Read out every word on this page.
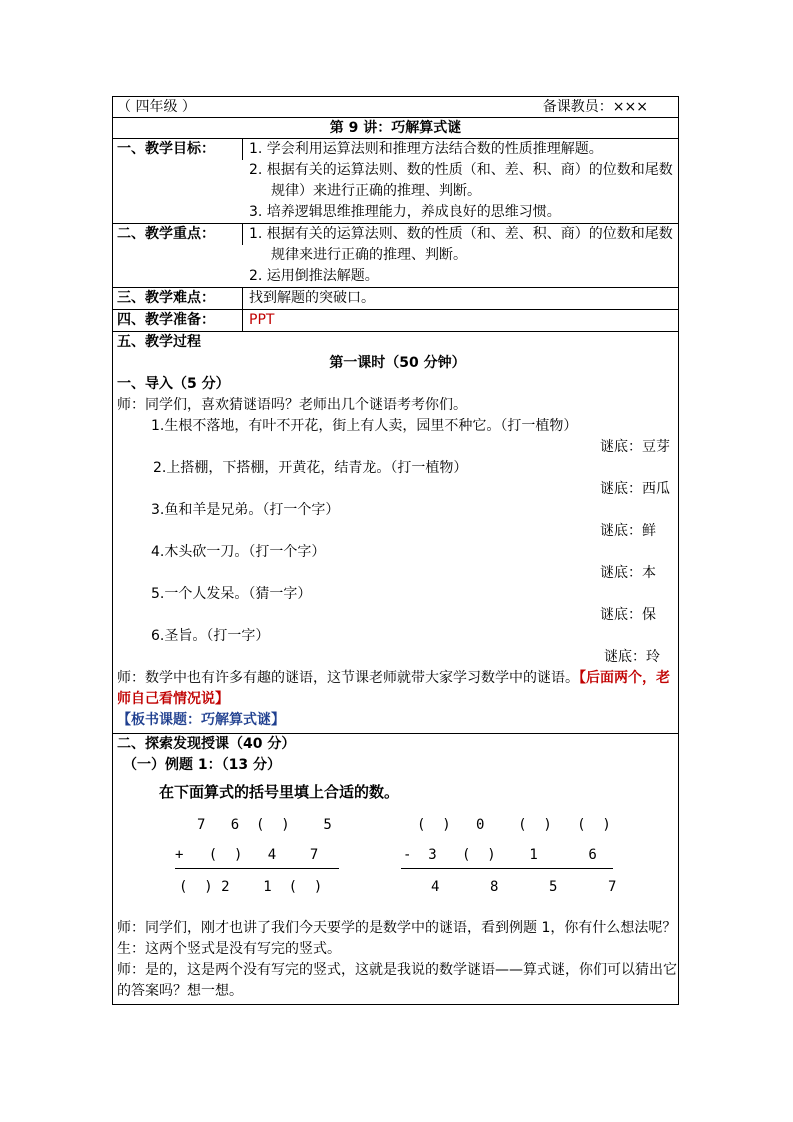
（ 四年级 ）	备课教员：×××
第 9 讲：巧解算式谜
一、教学目标：	1. 学会利用运算法则和推理方法结合数的性质推理解题。
2. 根据有关的运算法则、数的性质（和、差、积、商）的位数和尾数规律）来进行正确的推理、判断。
3. 培养逻辑思维推理能力，养成良好的思维习惯。
二、教学重点：	1. 根据有关的运算法则、数的性质（和、差、积、商）的位数和尾数规律来进行正确的推理、判断。
2. 运用倒推法解题。
三、教学难点：	找到解题的突破口。
四、教学准备：	PPT
五、教学过程
第一课时（50 分钟）
一、导入（5 分）
师：同学们，喜欢猜谜语吗？老师出几个谜语考考你们。
1.生根不落地，有叶不开花，街上有人卖，园里不种它。（打一植物）
谜底：豆芽
2.上搭棚，下搭棚，开黄花，结青龙。（打一植物）
谜底：西瓜
3.鱼和羊是兄弟。（打一个字）
谜底：鲜
4.木头砍一刀。（打一个字）
谜底：本
5.一个人发呆。（猜一字）
谜底：保
6.圣旨。（打一字）
谜底：玲
师：数学中也有许多有趣的谜语，这节课老师就带大家学习数学中的谜语。【后面两个，老师自己看情况说】
【板书课题：巧解算式谜】
二、探索发现授课（40 分）
（一）例题 1：（13 分）
在下面算式的括号里填上合适的数。
7   6  (  )    5
+   (  )   4    7
(  ) 2    1  (  )
(  )   0    (  )   (  )
-  3   (  )    1      6
4      8      5      7
师：同学们，刚才也讲了我们今天要学的是数学中的谜语，看到例题 1，你有什么想法呢？
生：这两个竖式是没有写完的竖式。
师：是的，这是两个没有写完的竖式，这就是我说的数学谜语——算式谜，你们可以猜出它的答案吗？想一想。
